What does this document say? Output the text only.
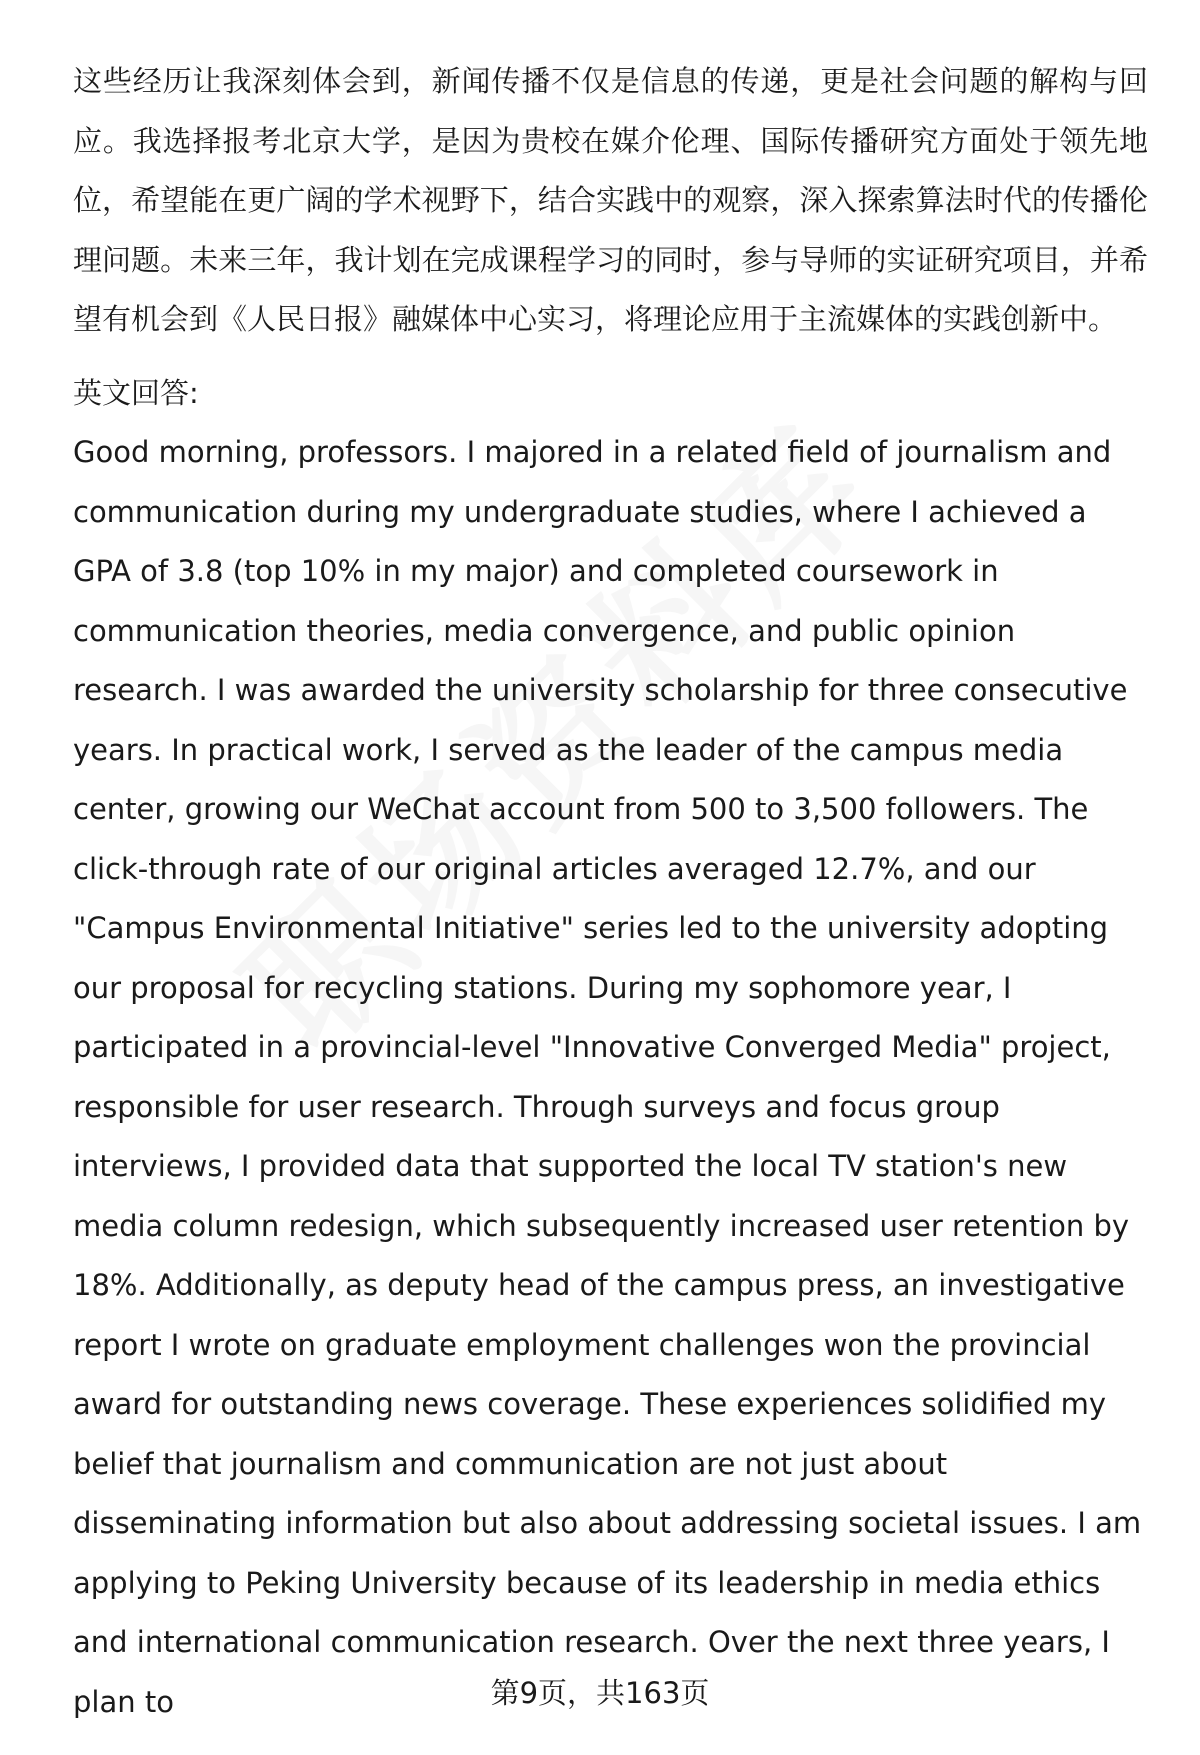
这些经历让我深刻体会到，新闻传播不仅是信息的传递，更是社会问题的解构与回应。我选择报考北京大学，是因为贵校在媒介伦理、国际传播研究方面处于领先地位，希望能在更广阔的学术视野下，结合实践中的观察，深入探索算法时代的传播伦理问题。未来三年，我计划在完成课程学习的同时，参与导师的实证研究项目，并希望有机会到《人民日报》融媒体中心实习，将理论应用于主流媒体的实践创新中。

英文回答:

Good morning, professors. I majored in a related field of journalism and communication during my undergraduate studies, where I achieved a GPA of 3.8 (top 10% in my major) and completed coursework in communication theories, media convergence, and public opinion research. I was awarded the university scholarship for three consecutive years. In practical work, I served as the leader of the campus media center, growing our WeChat account from 500 to 3,500 followers. The click-through rate of our original articles averaged 12.7%, and our "Campus Environmental Initiative" series led to the university adopting our proposal for recycling stations. During my sophomore year, I participated in a provincial-level "Innovative Converged Media" project, responsible for user research. Through surveys and focus group interviews, I provided data that supported the local TV station's new media column redesign, which subsequently increased user retention by 18%. Additionally, as deputy head of the campus press, an investigative report I wrote on graduate employment challenges won the provincial award for outstanding news coverage. These experiences solidified my belief that journalism and communication are not just about disseminating information but also about addressing societal issues. I am applying to Peking University because of its leadership in media ethics and international communication research. Over the next three years, I plan to	第9页，共163页
